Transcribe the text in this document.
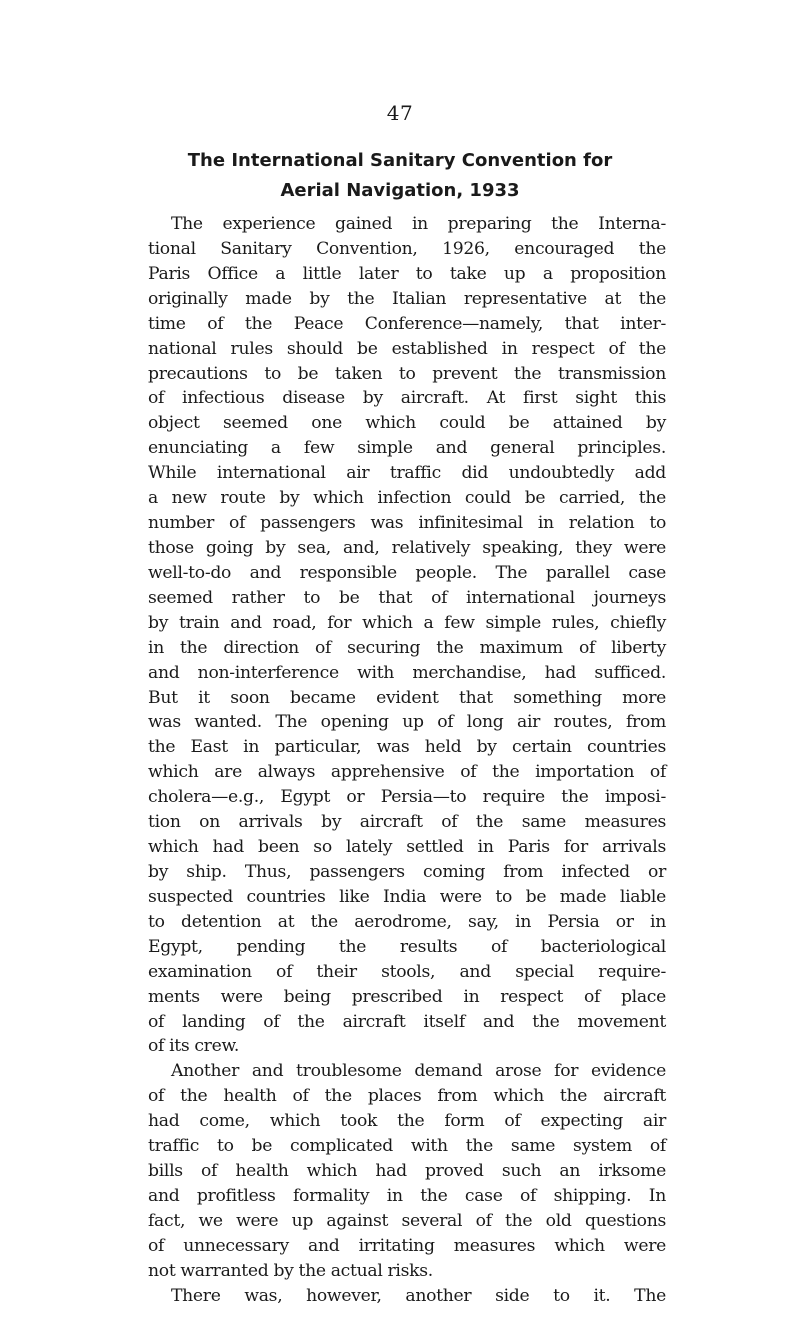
47
The International Sanitary Convention for
Aerial Navigation, 1933
The experience gained in preparing the Interna-
tional Sanitary Convention, 1926, encouraged the
Paris Office a little later to take up a proposition
originally made by the Italian representative at the
time of the Peace Conference—namely, that inter-
national rules should be established in respect of the
precautions to be taken to prevent the transmission
of infectious disease by aircraft. At first sight this
object seemed one which could be attained by
enunciating a few simple and general principles.
While international air traffic did undoubtedly add
a new route by which infection could be carried, the
number of passengers was infinitesimal in relation to
those going by sea, and, relatively speaking, they were
well-to-do and responsible people. The parallel case
seemed rather to be that of international journeys
by train and road, for which a few simple rules, chiefly
in the direction of securing the maximum of liberty
and non-interference with merchandise, had sufficed.
But it soon became evident that something more
was wanted. The opening up of long air routes, from
the East in particular, was held by certain countries
which are always apprehensive of the importation of
cholera—e.g., Egypt or Persia—to require the imposi-
tion on arrivals by aircraft of the same measures
which had been so lately settled in Paris for arrivals
by ship. Thus, passengers coming from infected or
suspected countries like India were to be made liable
to detention at the aerodrome, say, in Persia or in
Egypt, pending the results of bacteriological
examination of their stools, and special require-
ments were being prescribed in respect of place
of landing of the aircraft itself and the movement
of its crew.
Another and troublesome demand arose for evidence
of the health of the places from which the aircraft
had come, which took the form of expecting air
traffic to be complicated with the same system of
bills of health which had proved such an irksome
and profitless formality in the case of shipping. In
fact, we were up against several of the old questions
of unnecessary and irritating measures which were
not warranted by the actual risks.
There was, however, another side to it. The
